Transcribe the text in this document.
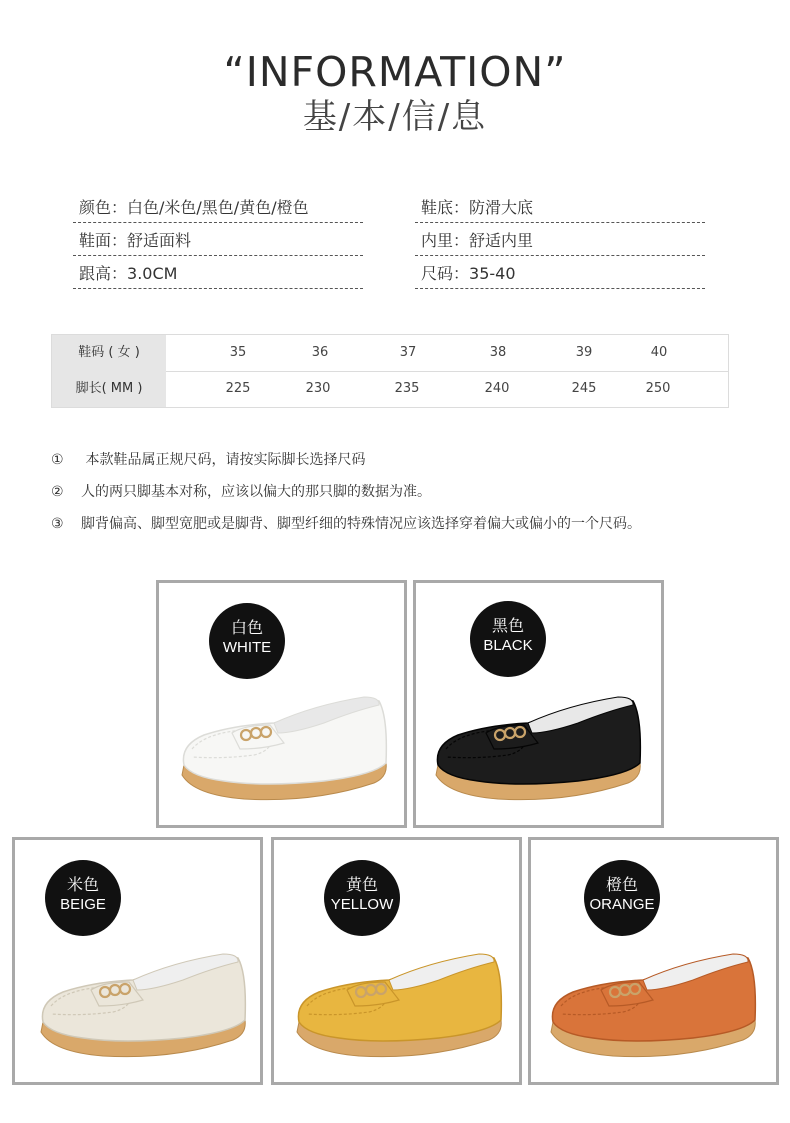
“INFORMATION”
基/本/信/息
颜色：白色/米色/黑色/黄色/橙色	鞋底：防滑大底
鞋面：舒适面料	内里：舒适内里
跟高：3.0CM	尺码：35-40
鞋码 ( 女 )	35	36	37	38	39	40
脚长( MM )	225	230	235	240	245	250
① 本款鞋品属正规尺码，请按实际脚长选择尺码
② 人的两只脚基本对称，应该以偏大的那只脚的数据为准。
③ 脚背偏高、脚型宽肥或是脚背、脚型纤细的特殊情况应该选择穿着偏大或偏小的一个尺码。
白色
WHITE
黑色
BLACK
米色
BEIGE
黄色
YELLOW
橙色
ORANGE
